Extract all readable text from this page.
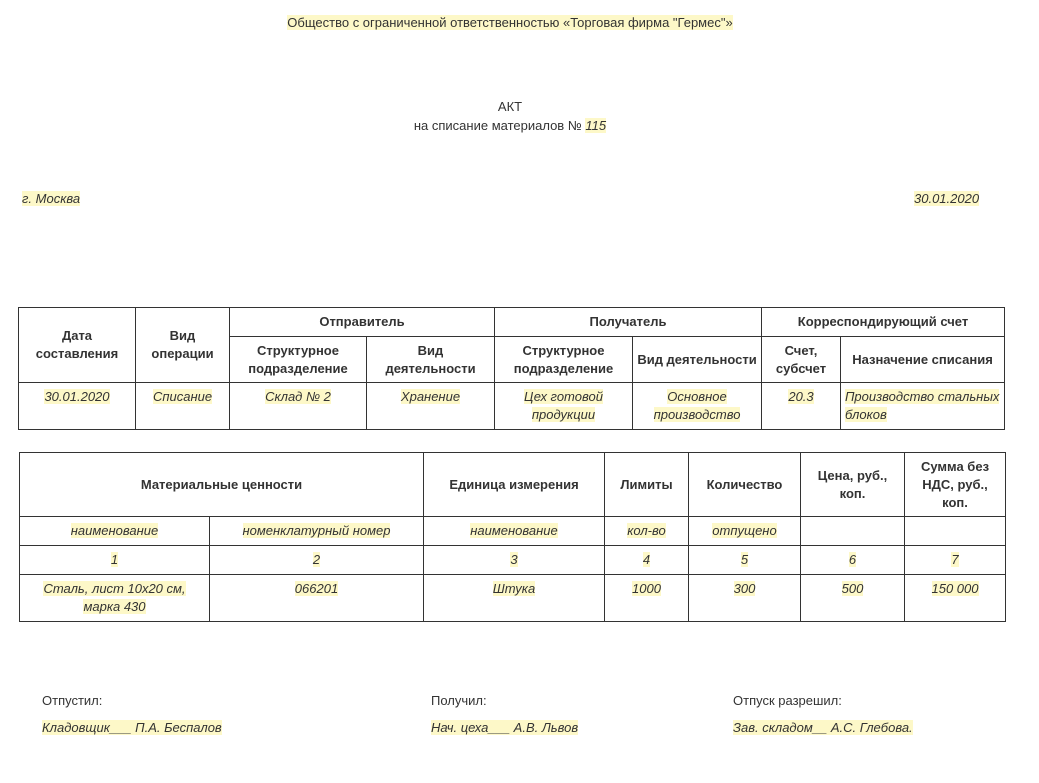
Общество с ограниченной ответственностью «Торговая фирма "Гермес"»
АКТ
на списание материалов № 115
г. Москва	30.01.2020
Дата составления	Вид операции	Отправитель		Получатель		Корреспондирующий счет	
		Структурное подразделение	Вид деятельности	Структурное подразделение	Вид деятельности	Счет, субсчет	Назначение списания
30.01.2020	Списание	Склад № 2	Хранение	Цех готовой продукции	Основное производство	20.3	Производство стальных блоков
Материальные ценности		Единица измерения	Лимиты	Количество	Цена, руб., коп.	Сумма без НДС, руб., коп.
наименование	номенклатурный номер	наименование	кол-во	отпущено		
1	2	3	4	5	6	7
Сталь, лист 10х20 см, марка 430	066201	Штука	1000	300	500	150 000
Отпустил:
Кладовщик___ П.А. Беспалов
Получил:
Нач. цеха___ А.В. Львов
Отпуск разрешил:
Зав. складом__ А.С. Глебова.
